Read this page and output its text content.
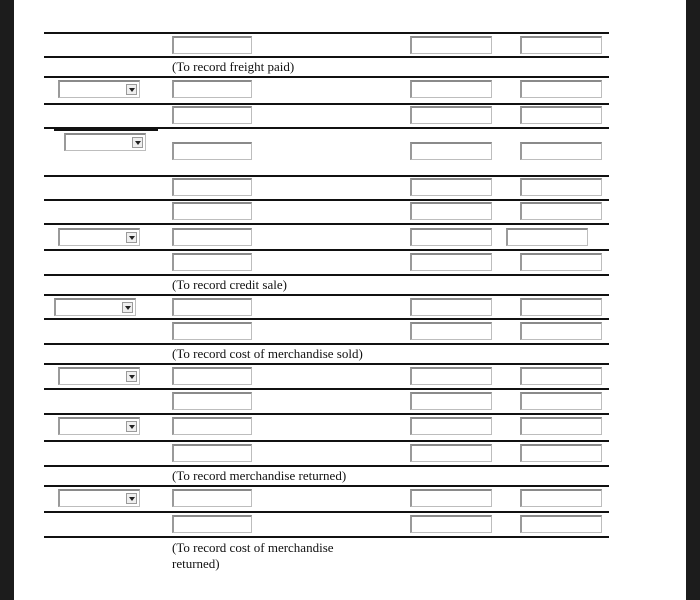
(To record freight paid)
(To record credit sale)
(To record cost of merchandise sold)
(To record merchandise returned)
(To record cost of merchandise
returned)
